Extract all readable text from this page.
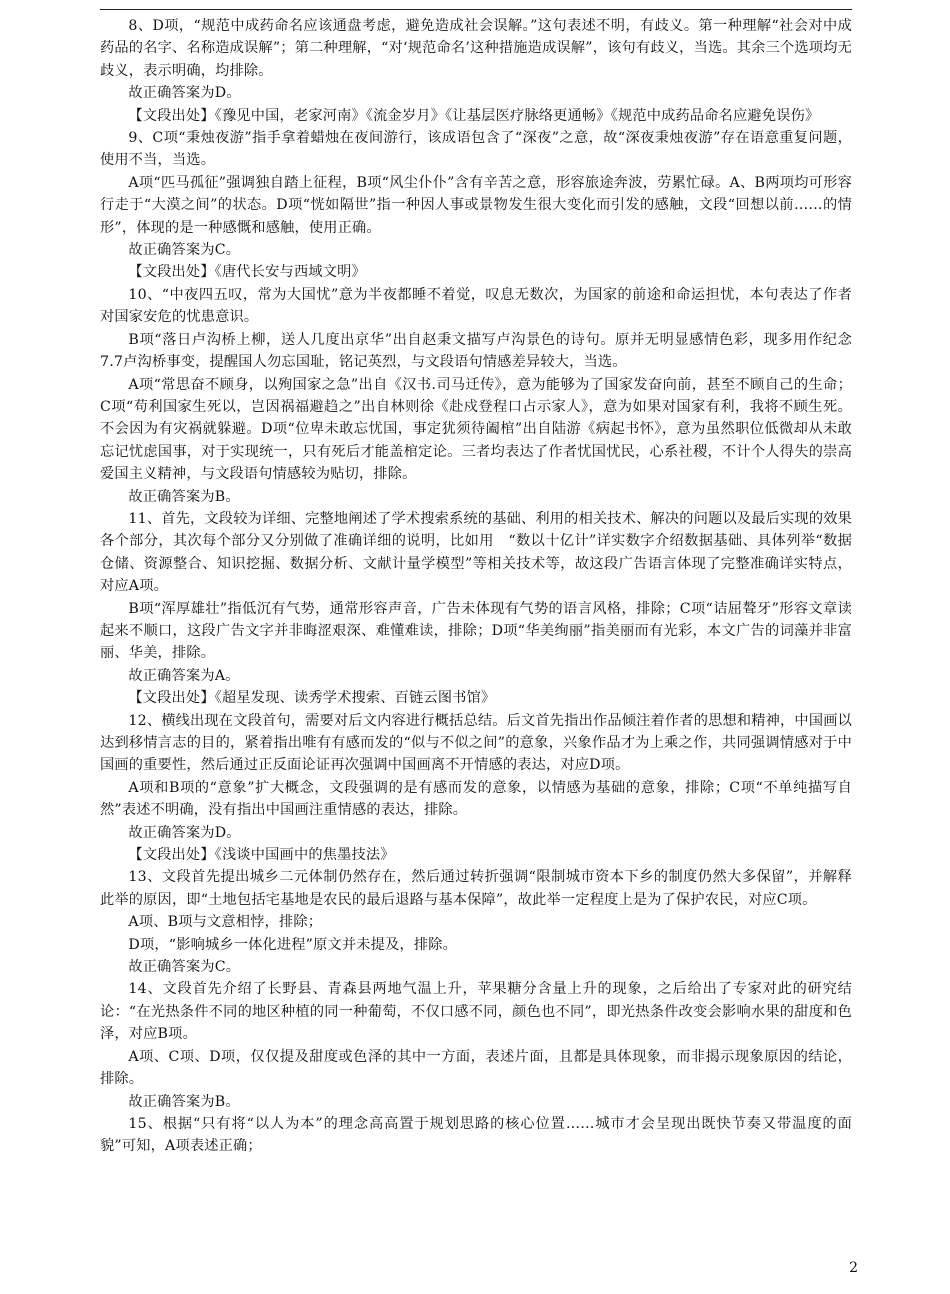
8、D项，“规范中成药命名应该通盘考虑，避免造成社会误解。”这句表述不明，有歧义。第一种理解“社会对中成药品的名字、名称造成误解”；第二种理解，“对‘规范命名’这种措施造成误解”，该句有歧义，当选。其余三个选项均无歧义，表示明确，均排除。

故正确答案为D。

【文段出处】《豫见中国，老家河南》《流金岁月》《让基层医疗脉络更通畅》《规范中成药品命名应避免误伤》

9、C项“秉烛夜游”指手拿着蜡烛在夜间游行，该成语包含了“深夜”之意，故“深夜秉烛夜游”存在语意重复问题，使用不当，当选。

A项“匹马孤征”强调独自踏上征程，B项“风尘仆仆”含有辛苦之意，形容旅途奔波，劳累忙碌。A、B两项均可形容行走于“大漠之间”的状态。D项“恍如隔世”指一种因人事或景物发生很大变化而引发的感触，文段“回想以前……的情形”，体现的是一种感慨和感触，使用正确。

故正确答案为C。

【文段出处】《唐代长安与西域文明》

10、“中夜四五叹，常为大国忧”意为半夜都睡不着觉，叹息无数次，为国家的前途和命运担忧，本句表达了作者对国家安危的忧患意识。

B项“落日卢沟桥上柳，送人几度出京华”出自赵秉文描写卢沟景色的诗句。原并无明显感情色彩，现多用作纪念7.7卢沟桥事变，提醒国人勿忘国耻，铭记英烈，与文段语句情感差异较大，当选。

A项“常思奋不顾身，以殉国家之急”出自《汉书.司马迁传》，意为能够为了国家发奋向前，甚至不顾自己的生命；C项“苟利国家生死以，岂因祸福避趋之”出自林则徐《赴戍登程口占示家人》，意为如果对国家有利，我将不顾生死。不会因为有灾祸就躲避。D项“位卑未敢忘忧国，事定犹须待阖棺”出自陆游《病起书怀》，意为虽然职位低微却从未敢忘记忧虑国事，对于实现统一，只有死后才能盖棺定论。三者均表达了作者忧国忧民，心系社稷，不计个人得失的崇高爱国主义精神，与文段语句情感较为贴切，排除。

故正确答案为B。

11、首先，文段较为详细、完整地阐述了学术搜索系统的基础、利用的相关技术、解决的问题以及最后实现的效果各个部分，其次每个部分又分别做了准确详细的说明，比如用　“数以十亿计”详实数字介绍数据基础、具体列举“数据仓储、资源整合、知识挖掘、数据分析、文献计量学模型”等相关技术等，故这段广告语言体现了完整准确详实特点，对应A项。

B项“浑厚雄壮”指低沉有气势，通常形容声音，广告未体现有气势的语言风格，排除；C项“诘屈聱牙”形容文章读起来不顺口，这段广告文字并非晦涩艰深、难懂难读，排除；D项“华美绚丽”指美丽而有光彩，本文广告的词藻并非富丽、华美，排除。

故正确答案为A。

【文段出处】《超星发现、读秀学术搜索、百链云图书馆》

12、横线出现在文段首句，需要对后文内容进行概括总结。后文首先指出作品倾注着作者的思想和精神，中国画以达到移情言志的目的，紧着指出唯有有感而发的“似与不似之间”的意象，兴象作品才为上乘之作，共同强调情感对于中国画的重要性，然后通过正反面论证再次强调中国画离不开情感的表达，对应D项。

A项和B项的“意象”扩大概念，文段强调的是有感而发的意象，以情感为基础的意象，排除；C项“不单纯描写自然”表述不明确，没有指出中国画注重情感的表达，排除。

故正确答案为D。

【文段出处】《浅谈中国画中的焦墨技法》

13、文段首先提出城乡二元体制仍然存在，然后通过转折强调“限制城市资本下乡的制度仍然大多保留”，并解释此举的原因，即“土地包括宅基地是农民的最后退路与基本保障”，故此举一定程度上是为了保护农民，对应C项。

A项、B项与文意相悖，排除；

D项，“影响城乡一体化进程”原文并未提及，排除。

故正确答案为C。

14、文段首先介绍了长野县、青森县两地气温上升，苹果糖分含量上升的现象，之后给出了专家对此的研究结论：“在光热条件不同的地区种植的同一种葡萄，不仅口感不同，颜色也不同”，即光热条件改变会影响水果的甜度和色泽，对应B项。

A项、C项、D项，仅仅提及甜度或色泽的其中一方面，表述片面，且都是具体现象，而非揭示现象原因的结论，排除。

故正确答案为B。

15、根据“只有将“以人为本”的理念高高置于规划思路的核心位置……城市才会呈现出既快节奏又带温度的面貌”可知，A项表述正确；

2
